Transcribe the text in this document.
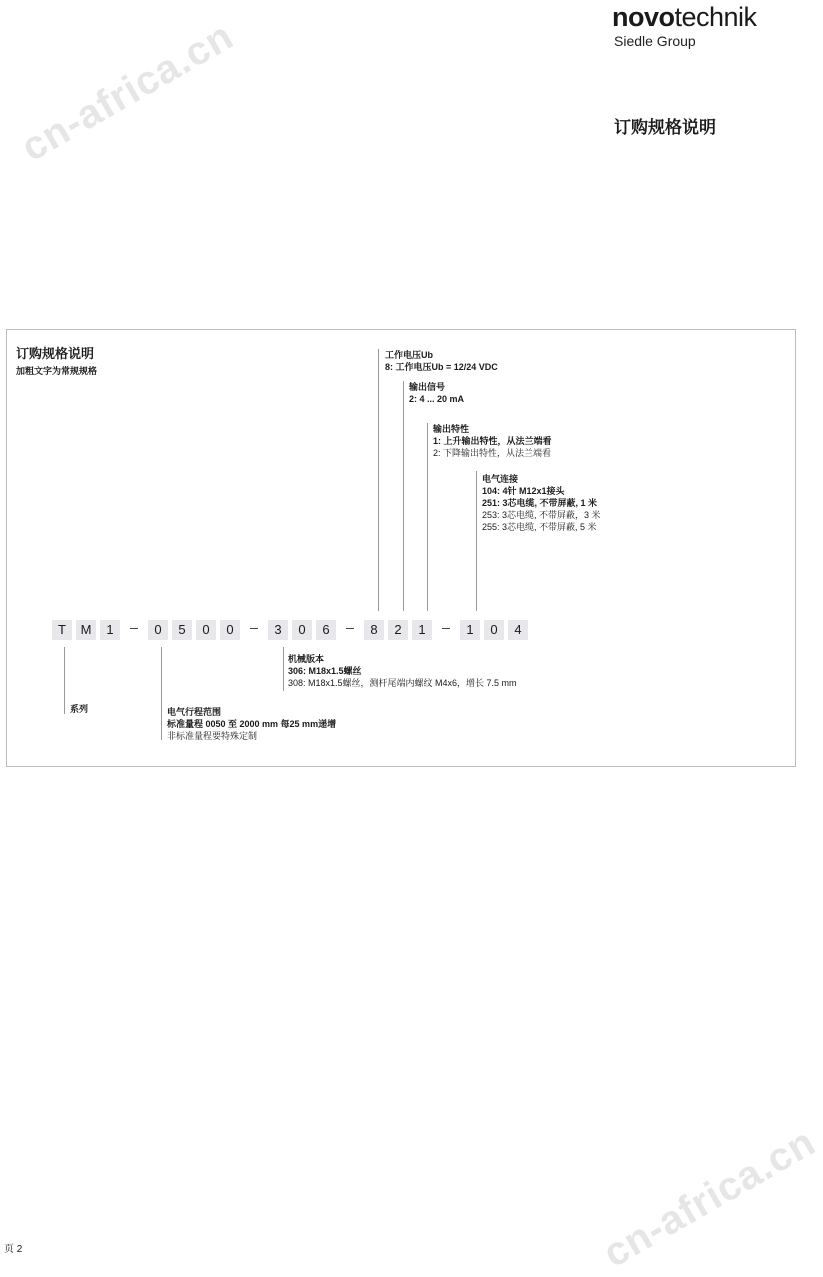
novotechnik
Siedle Group
订购规格说明
cn-africa.cn
cn-africa.cn
订购规格说明
加粗文字为常规规格
T	M	1	0	5	0	0	3	0	6	8	2	1	1	0	4
工作电压Ub
8: 工作电压Ub = 12/24 VDC
输出信号
2: 4 ... 20 mA
输出特性
1: 上升输出特性，从法兰端看
2: 下降输出特性，从法兰端看
电气连接
104: 4针 M12x1接头
251: 3芯电缆, 不带屏蔽, 1 米
253: 3芯电缆, 不带屏蔽，3 米
255: 3芯电缆, 不带屏蔽, 5 米
机械版本
306: M18x1.5螺丝
308: M18x1.5螺丝，测杆尾端内螺纹 M4x6，增长 7.5 mm
系列	电气行程范围
标准量程 0050 至 2000 mm 每25 mm递增
非标准量程要特殊定制
页 2
